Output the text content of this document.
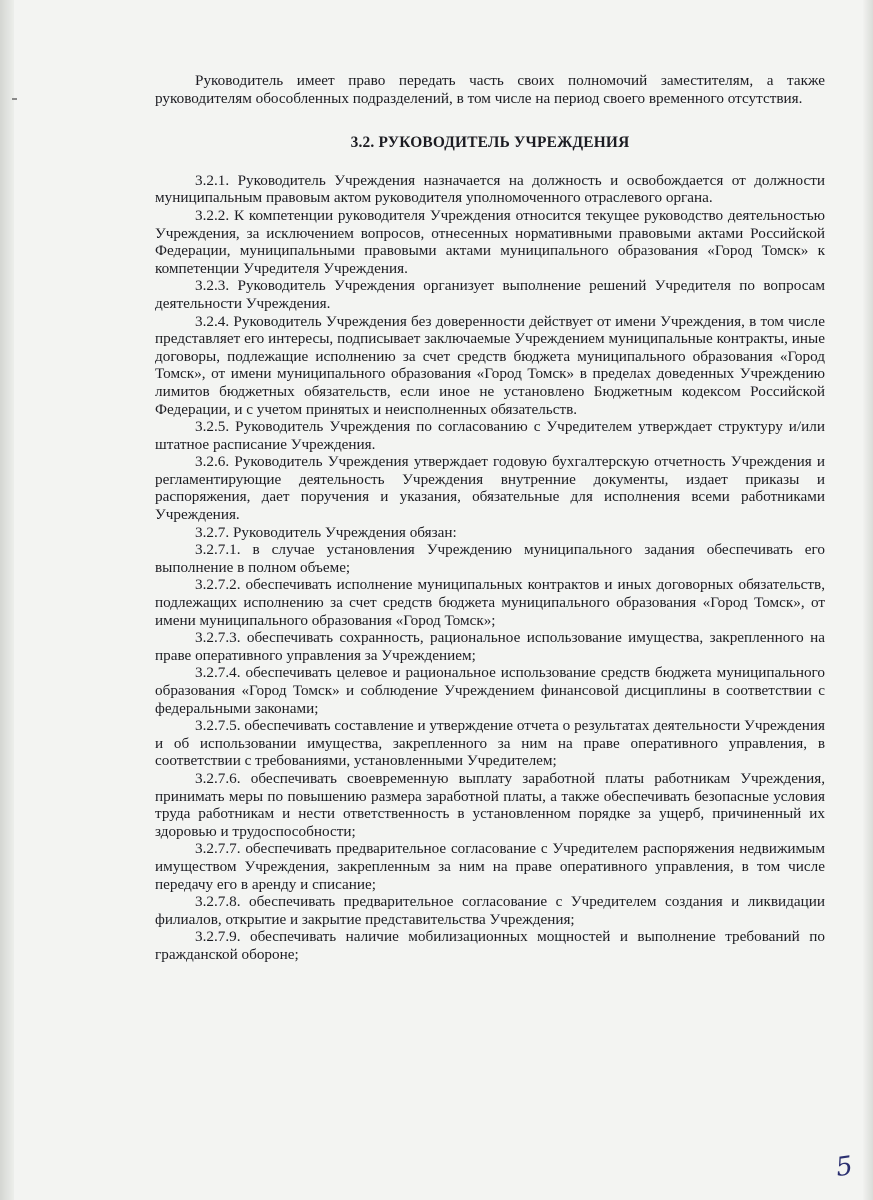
Руководитель имеет право передать часть своих полномочий заместителям, а также руководителям обособленных подразделений, в том числе на период своего временного отсутствия.

3.2. РУКОВОДИТЕЛЬ УЧРЕЖДЕНИЯ

3.2.1. Руководитель Учреждения назначается на должность и освобождается от должности муниципальным правовым актом руководителя уполномоченного отраслевого органа.

3.2.2. К компетенции руководителя Учреждения относится текущее руководство деятельностью Учреждения, за исключением вопросов, отнесенных нормативными правовыми актами Российской Федерации, муниципальными правовыми актами муниципального образования «Город Томск» к компетенции Учредителя Учреждения.

3.2.3. Руководитель Учреждения организует выполнение решений Учредителя по вопросам деятельности Учреждения.

3.2.4. Руководитель Учреждения без доверенности действует от имени Учреждения, в том числе представляет его интересы, подписывает заключаемые Учреждением муниципальные контракты, иные договоры, подлежащие исполнению за счет средств бюджета муниципального образования «Город Томск», от имени муниципального образования «Город Томск» в пределах доведенных Учреждению лимитов бюджетных обязательств, если иное не установлено Бюджетным кодексом Российской Федерации, и с учетом принятых и неисполненных обязательств.

3.2.5. Руководитель Учреждения по согласованию с Учредителем утверждает структуру и/или штатное расписание Учреждения.

3.2.6. Руководитель Учреждения утверждает годовую бухгалтерскую отчетность Учреждения и регламентирующие деятельность Учреждения внутренние документы, издает приказы и распоряжения, дает поручения и указания, обязательные для исполнения всеми работниками Учреждения.

3.2.7. Руководитель Учреждения обязан:

3.2.7.1. в случае установления Учреждению муниципального задания обеспечивать его выполнение в полном объеме;

3.2.7.2. обеспечивать исполнение муниципальных контрактов и иных договорных обязательств, подлежащих исполнению за счет средств бюджета муниципального образования «Город Томск», от имени муниципального образования «Город Томск»;

3.2.7.3. обеспечивать сохранность, рациональное использование имущества, закрепленного на праве оперативного управления за Учреждением;

3.2.7.4. обеспечивать целевое и рациональное использование средств бюджета муниципального образования «Город Томск» и соблюдение Учреждением финансовой дисциплины в соответствии с федеральными законами;

3.2.7.5. обеспечивать составление и утверждение отчета о результатах деятельности Учреждения и об использовании имущества, закрепленного за ним на праве оперативного управления, в соответствии с требованиями, установленными Учредителем;

3.2.7.6. обеспечивать своевременную выплату заработной платы работникам Учреждения, принимать меры по повышению размера заработной платы, а также обеспечивать безопасные условия труда работникам и нести ответственность в установленном порядке за ущерб, причиненный их здоровью и трудоспособности;

3.2.7.7. обеспечивать предварительное согласование с Учредителем распоряжения недвижимым имуществом Учреждения, закрепленным за ним на праве оперативного управления, в том числе передачу его в аренду и списание;

3.2.7.8. обеспечивать предварительное согласование с Учредителем создания и ликвидации филиалов, открытие и закрытие представительства Учреждения;

3.2.7.9. обеспечивать наличие мобилизационных мощностей и выполнение требований по гражданской обороне;

5
